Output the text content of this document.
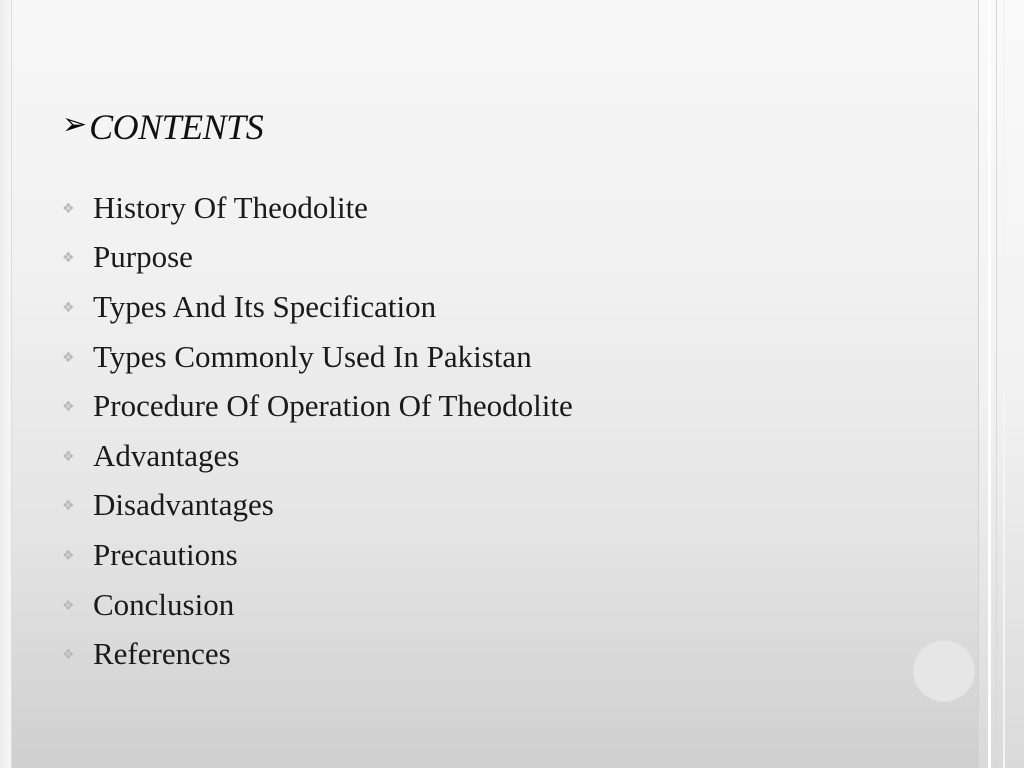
➢ CONTENTS
❖ History Of Theodolite
❖ Purpose
❖ Types And Its Specification
❖ Types Commonly Used In Pakistan
❖ Procedure Of Operation Of Theodolite
❖ Advantages
❖ Disadvantages
❖ Precautions
❖ Conclusion
❖ References
